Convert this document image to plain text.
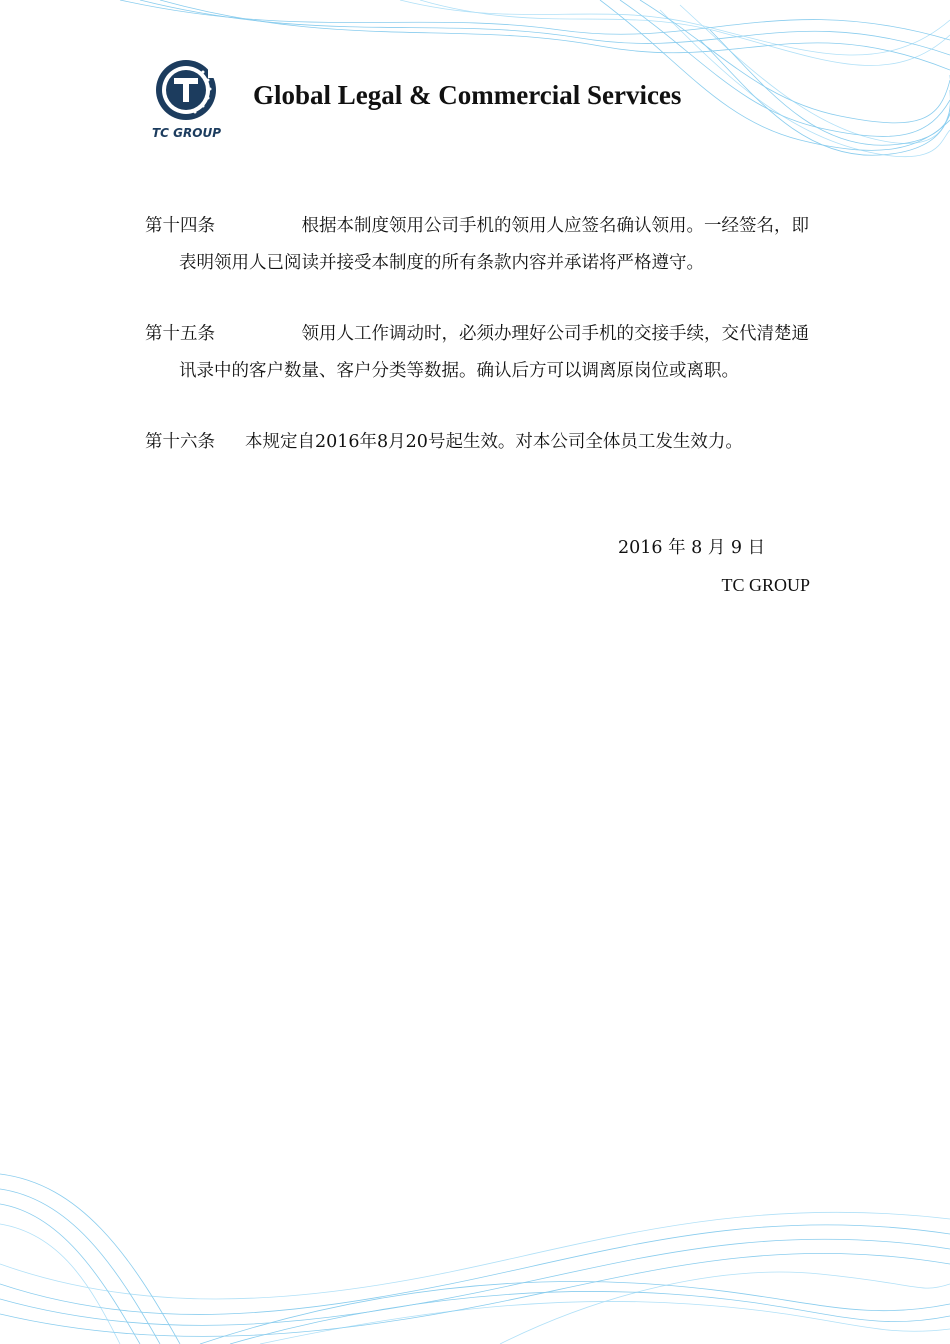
TC GROUP
Global Legal & Commercial Services
第十四条	根据本制度领用公司手机的领用人应签名确认领用。一经签名，即
表明领用人已阅读并接受本制度的所有条款内容并承诺将严格遵守。
第十五条	领用人工作调动时，必须办理好公司手机的交接手续，交代清楚通
讯录中的客户数量、客户分类等数据。确认后方可以调离原岗位或离职。
第十六条	本规定自2016年8月20号起生效。对本公司全体员工发生效力。
2016 年 8 月 9 日
TC GROUP
